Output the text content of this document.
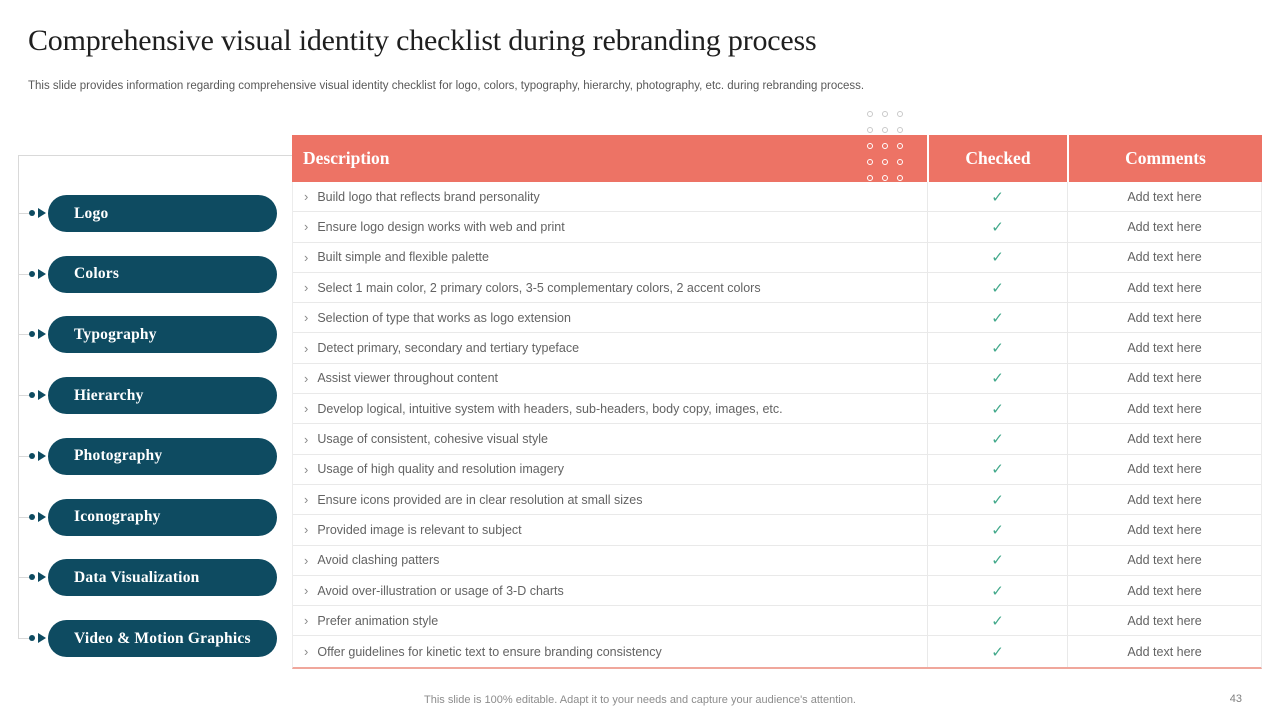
Comprehensive visual identity checklist during rebranding process

This slide provides information regarding comprehensive visual identity checklist for logo, colors, typography, hierarchy, photography, etc. during rebranding process.

Logo
Colors
Typography
Hierarchy
Photography
Iconography
Data Visualization
Video & Motion Graphics
Description	Checked	Comments
› Build logo that reflects brand personality	✓	Add text here
› Ensure logo design works with web and print	✓	Add text here
› Built simple and flexible palette	✓	Add text here
› Select 1 main color, 2 primary colors, 3-5 complementary colors, 2 accent colors	✓	Add text here
› Selection of type that works as logo extension	✓	Add text here
› Detect primary, secondary and tertiary typeface	✓	Add text here
› Assist viewer throughout content	✓	Add text here
› Develop logical, intuitive system with headers, sub-headers, body copy, images, etc.	✓	Add text here
› Usage of consistent, cohesive visual style	✓	Add text here
› Usage of high quality and resolution imagery	✓	Add text here
› Ensure icons provided are in clear resolution at small sizes	✓	Add text here
› Provided image is relevant to subject	✓	Add text here
› Avoid clashing patters	✓	Add text here
› Avoid over-illustration or usage of 3-D charts	✓	Add text here
› Prefer animation style	✓	Add text here
› Offer guidelines for kinetic text to ensure branding consistency	✓	Add text here
This slide is 100% editable. Adapt it to your needs and capture your audience's attention.	43
